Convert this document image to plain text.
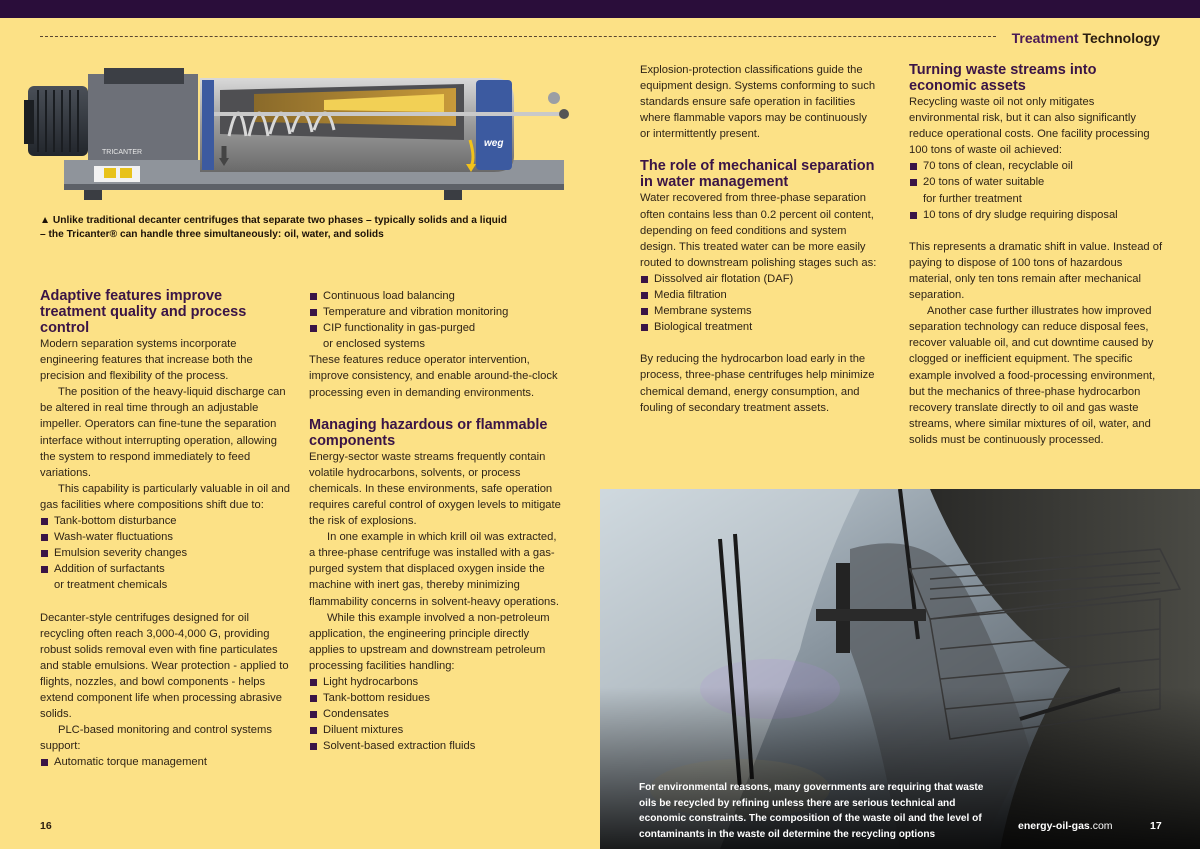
Treatment Technology
TRICANTER
weg
▲ Unlike traditional decanter centrifuges that separate two phases – typically solids and a liquid – the Tricanter® can handle three simultaneously: oil, water, and solids
Adaptive features improve treatment quality and process control

Modern separation systems incorporate engineering features that increase both the precision and flexibility of the process.

The position of the heavy-liquid discharge can be altered in real time through an adjustable impeller. Operators can fine-tune the separation interface without interrupting operation, allowing the system to respond immediately to feed variations.

This capability is particularly valuable in oil and gas facilities where compositions shift due to:

Tank-bottom disturbance
Wash-water fluctuations
Emulsion severity changes
Addition of surfactants
or treatment chemicals

Decanter-style centrifuges designed for oil recycling often reach 3,000-4,000 G, providing robust solids removal even with fine particulates and stable emulsions. Wear protection - applied to flights, nozzles, and bowl components - helps extend component life when processing abrasive solids.

PLC-based monitoring and control systems support:

Automatic torque management
Continuous load balancing
Temperature and vibration monitoring
CIP functionality in gas-purged
or enclosed systems

These features reduce operator intervention, improve consistency, and enable around-the-clock processing even in demanding environments.

Managing hazardous or flammable components

Energy-sector waste streams frequently contain volatile hydrocarbons, solvents, or process chemicals. In these environments, safe operation requires careful control of oxygen levels to mitigate the risk of explosions.

In one example in which krill oil was extracted, a three-phase centrifuge was installed with a gas-purged system that displaced oxygen inside the machine with inert gas, thereby minimizing flammability concerns in solvent-heavy operations.

While this example involved a non-petroleum application, the engineering principle directly applies to upstream and downstream petroleum processing facilities handling:

Light hydrocarbons
Tank-bottom residues
Condensates
Diluent mixtures
Solvent-based extraction fluids

Explosion-protection classifications guide the equipment design. Systems conforming to such standards ensure safe operation in facilities where flammable vapors may be continuously or intermittently present.

The role of mechanical separation in water management

Water recovered from three-phase separation often contains less than 0.2 percent oil content, depending on feed conditions and system design. This treated water can be more easily routed to downstream polishing stages such as:

Dissolved air flotation (DAF)
Media filtration
Membrane systems
Biological treatment

By reducing the hydrocarbon load early in the process, three-phase centrifuges help minimize chemical demand, energy consumption, and fouling of secondary treatment assets.

Turning waste streams into economic assets

Recycling waste oil not only mitigates environmental risk, but it can also significantly reduce operational costs. One facility processing 100 tons of waste oil achieved:

70 tons of clean, recyclable oil
20 tons of water suitable
for further treatment
10 tons of dry sludge requiring disposal

This represents a dramatic shift in value. Instead of paying to dispose of 100 tons of hazardous material, only ten tons remain after mechanical separation.

Another case further illustrates how improved separation technology can reduce disposal fees, recover valuable oil, and cut downtime caused by clogged or inefficient equipment. The specific example involved a food-processing environment, but the mechanics of three-phase hydrocarbon recovery translate directly to oil and gas waste streams, where similar mixtures of oil, water, and solids must be continuously processed.

For environmental reasons, many governments are requiring that waste oils be recycled by refining unless there are serious technical and economic constraints. The composition of the waste oil and the level of contaminants in the waste oil determine the recycling options
16	energy-oil-gas.com	17
